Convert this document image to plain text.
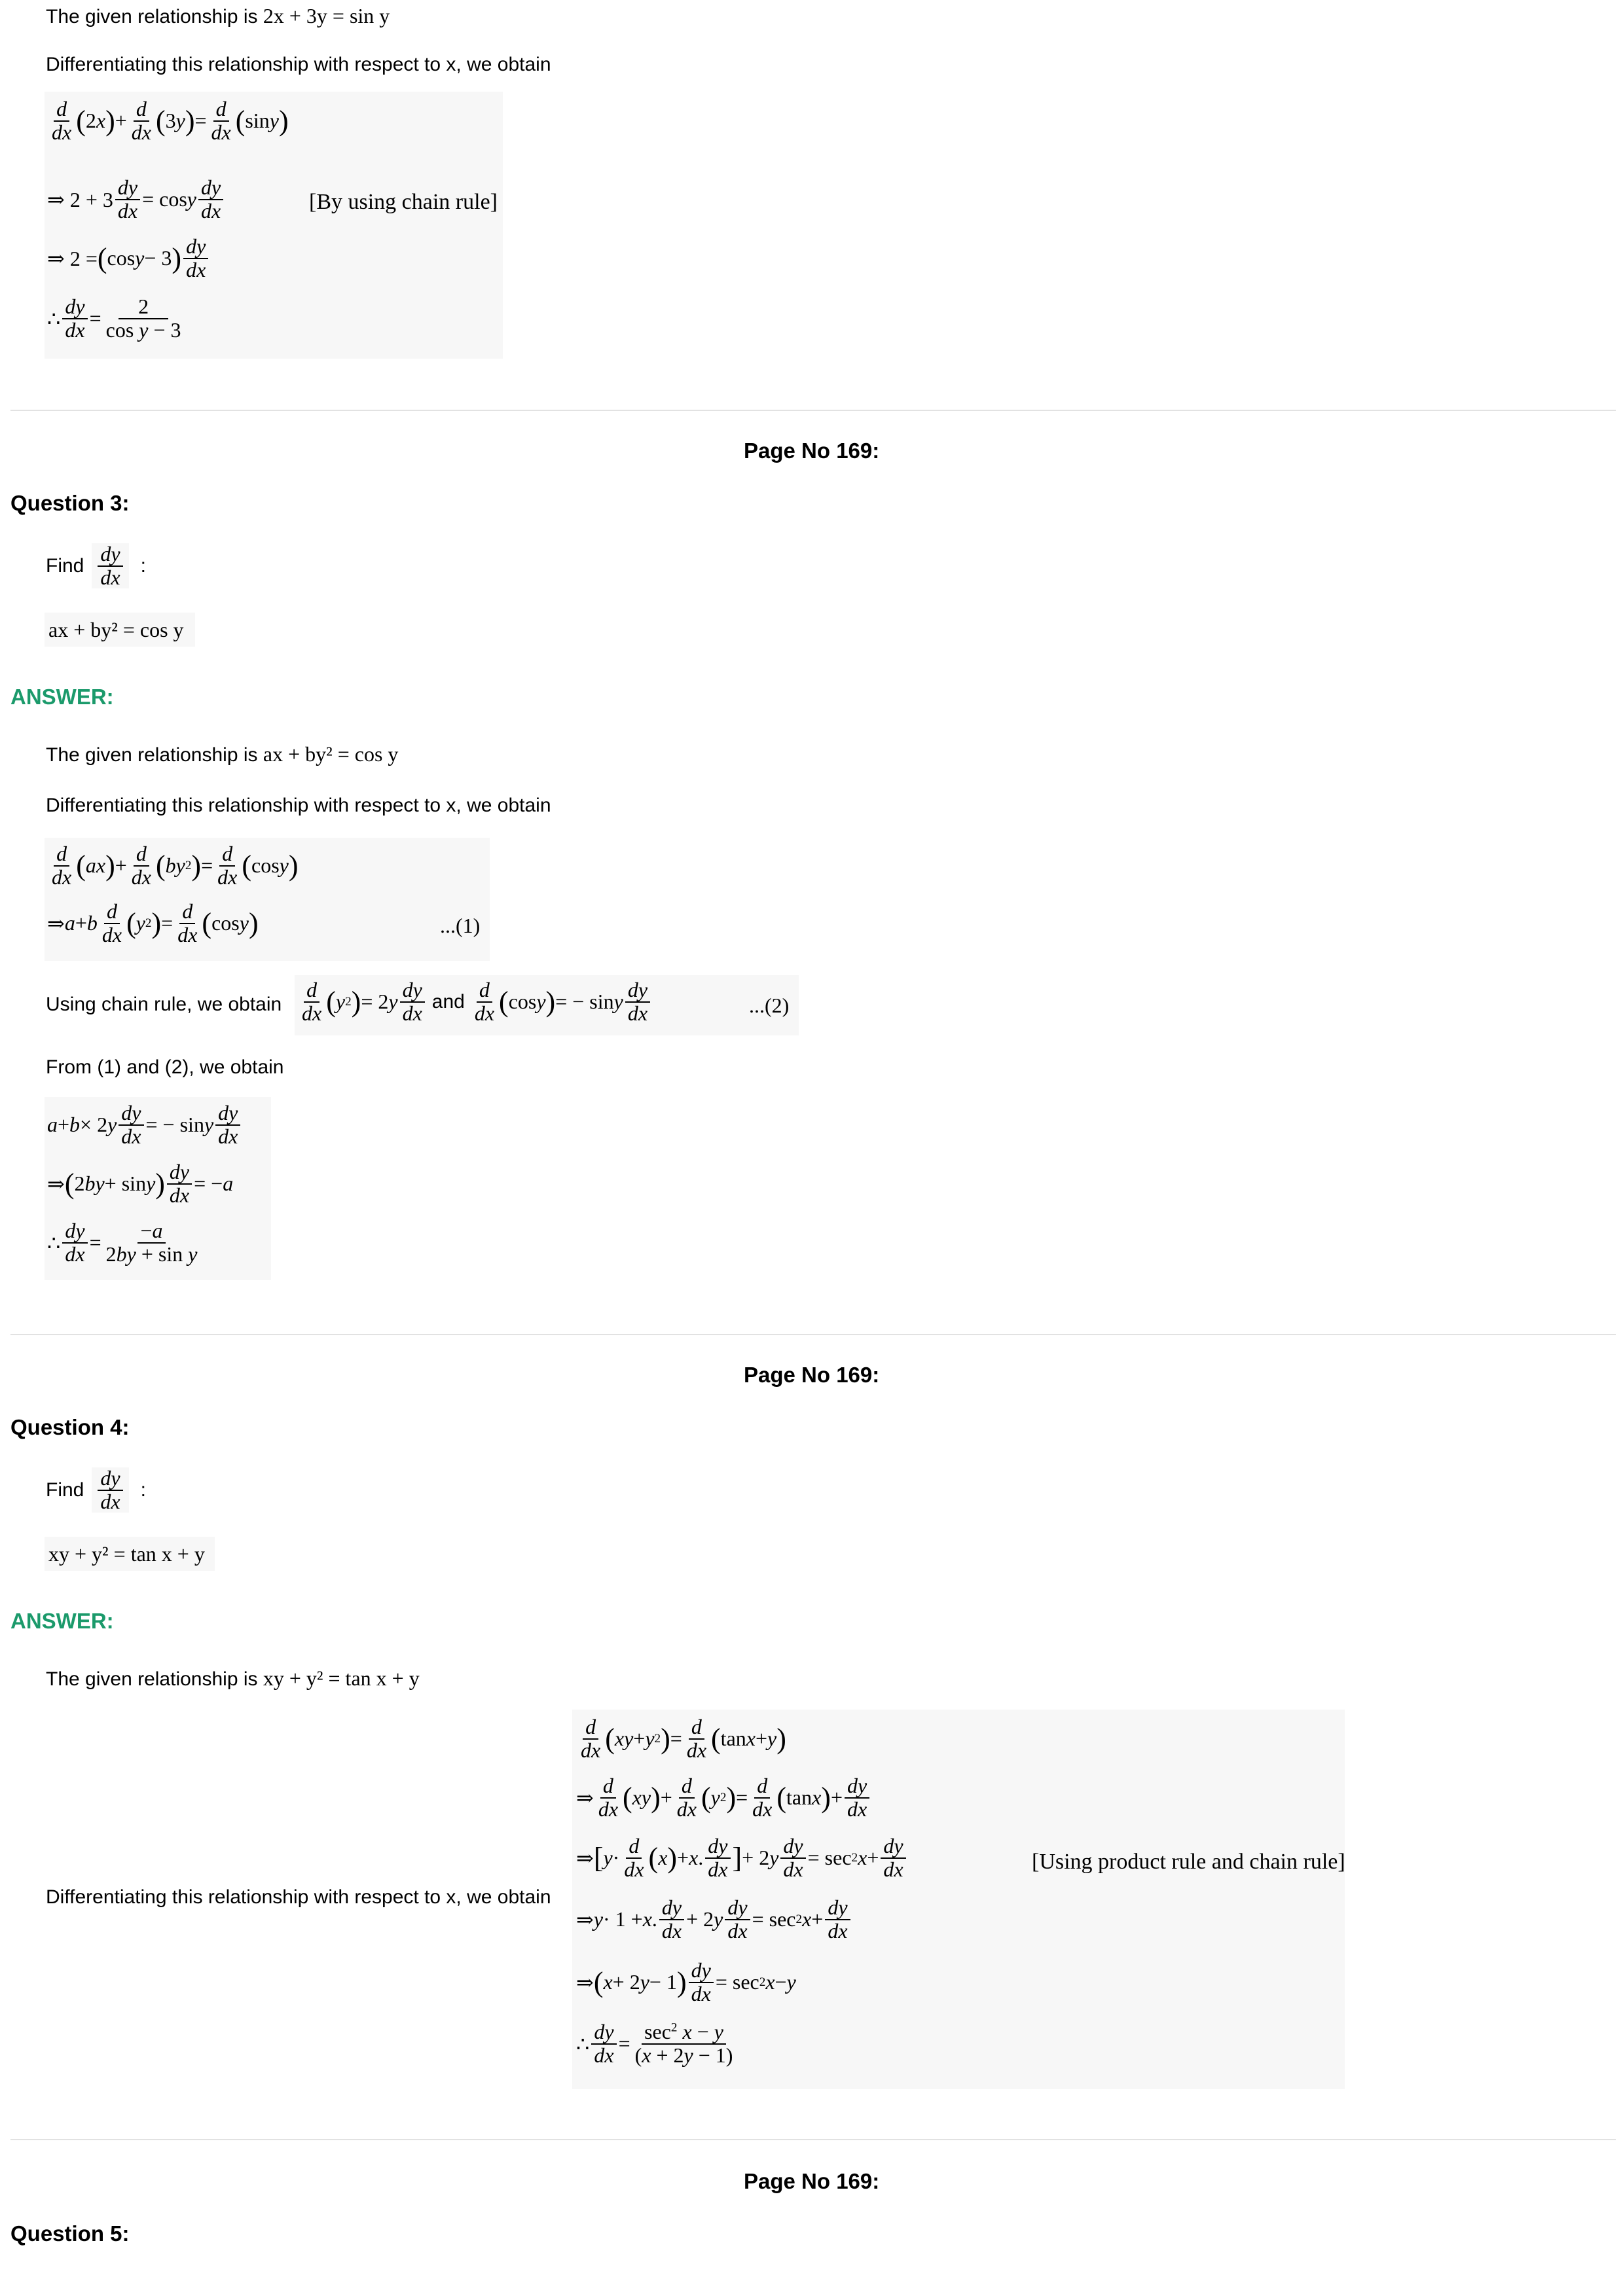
The given relationship is 2x + 3y = sin y
Differentiating this relationship with respect to x, we obtain
$\frac{d}{dx}$ ( 2 x ) + $\frac{d}{dx}$ ( 3 y ) = $\frac{d}{dx}$ ( sin y )
⇒ $2 + 3 \frac{dy}{dx} = \cos y \frac{dy}{dx}$
⇒ 2 = ( cos y − 3 ) $\frac{dy}{dx}$
∴ $\frac{dy}{dx} = \frac{2}{\text{cos y − 3}}$
[By using chain rule]
Page No 169:
Question 3:
Find $\frac{dy}{dx}$ :
ax + by² = cos y
ANSWER:
The given relationship is ax + by² = cos y
Differentiating this relationship with respect to x, we obtain
$\frac{d}{dx}$ ( ax ) + $\frac{d}{dx}$ ( by 2 ) = $\frac{d}{dx}$ ( cos y )
⇒ a + b $\frac{d}{dx}$ ( y 2 ) = $\frac{d}{dx}$ ( cos y )	...(1)
Using chain rule, we obtain $\frac{d}{dx}$ ( y 2 ) = 2 y $\frac{dy}{dx}$ and $\frac{d}{dx}$ ( cos y ) = − sin y $\frac{dy}{dx}$	...(2)
From (1) and (2), we obtain
a + b × 2 y $\frac{dy}{dx}$ = − sin y $\frac{dy}{dx}$
⇒ ( 2 by + sin y ) $\frac{dy}{dx}$ = − a
∴ $\frac{dy}{dx} = \frac{-a}{\text{2by + sin y}}$
Page No 169:
Question 4:
Find $\frac{dy}{dx}$ :
xy + y² = tan x + y
ANSWER:
The given relationship is xy + y² = tan x + y
Differentiating this relationship with respect to x, we obtain
$\frac{d}{dx}$ ( xy + y 2 ) = $\frac{d}{dx}$ ( tan x + y )
⇒ $\frac{d}{dx}$ ( xy ) + $\frac{d}{dx}$ ( y 2 ) = $\frac{d}{dx}$ ( tan x ) + $\frac{dy}{dx}$
⇒ [ $y \cdot \frac{d}{dx}$ ( x ) + x . $\frac{dy}{dx}$ ] + 2 y $\frac{dy}{dx} = \sec 2$ $x + \frac{dy}{dx}$
⇒ y · 1 + x . $\frac{dy}{dx} + 2$ y $\frac{dy}{dx} = \sec 2$ $x + \frac{dy}{dx}$
⇒ ( x + 2 y − 1 ) $\frac{dy}{dx} = \sec 2$ x − y
∴ $\frac{dy}{dx} = \frac{\sec^2 x - y}{(x + 2y - 1)}$
[Using product rule and chain rule]
Page No 169:
Question 5:
